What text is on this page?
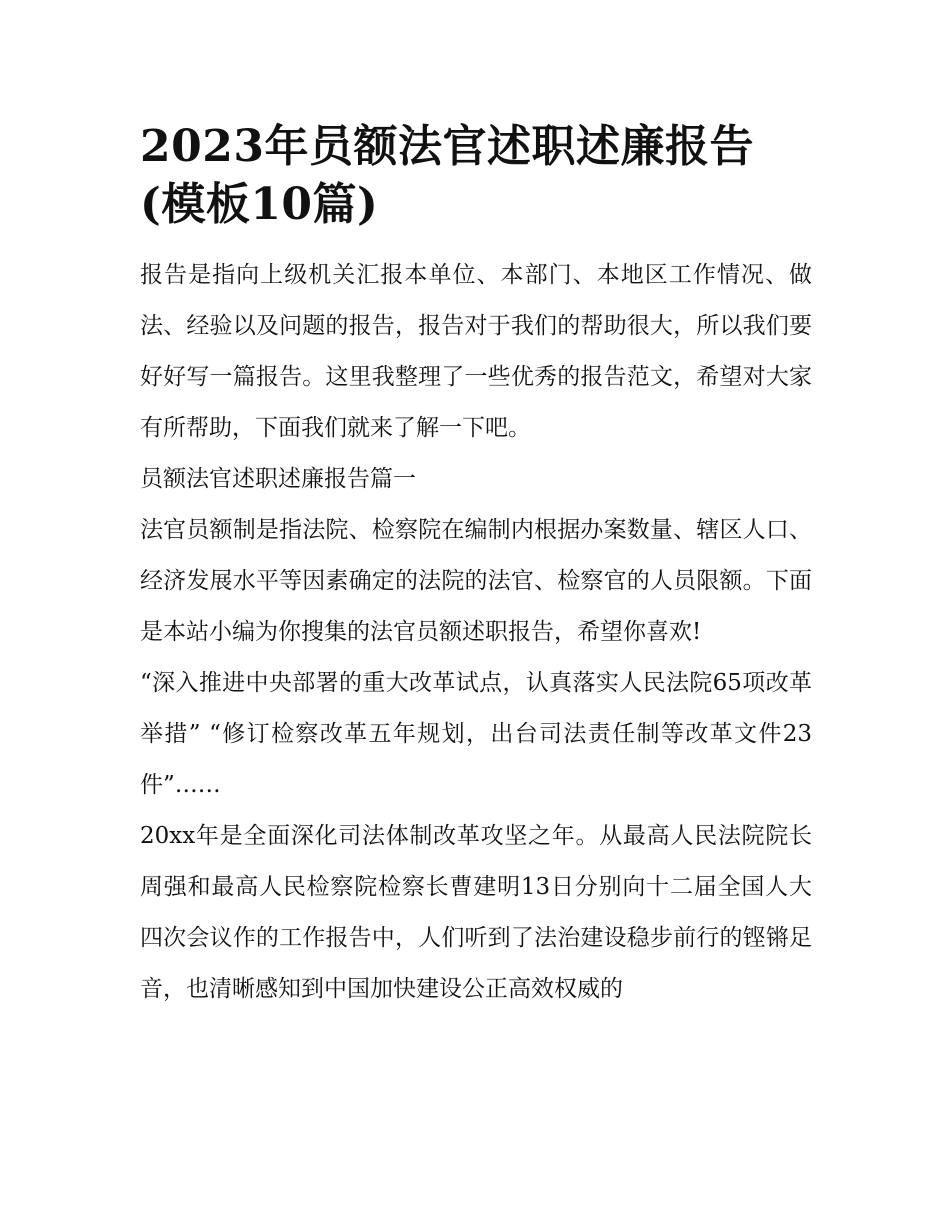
2023年员额法官述职述廉报告(模板10篇)

报告是指向上级机关汇报本单位、本部门、本地区工作情况、做法、经验以及问题的报告，报告对于我们的帮助很大，所以我们要好好写一篇报告。这里我整理了一些优秀的报告范文，希望对大家有所帮助，下面我们就来了解一下吧。

员额法官述职述廉报告篇一

法官员额制是指法院、检察院在编制内根据办案数量、辖区人口、经济发展水平等因素确定的法院的法官、检察官的人员限额。下面是本站小编为你搜集的法官员额述职报告，希望你喜欢!

“深入推进中央部署的重大改革试点，认真落实人民法院65项改革举措” “修订检察改革五年规划，出台司法责任制等改革文件23件”……

20xx年是全面深化司法体制改革攻坚之年。从最高人民法院院长周强和最高人民检察院检察长曹建明13日分别向十二届全国人大四次会议作的工作报告中，人们听到了法治建设稳步前行的铿锵足音，也清晰感知到中国加快建设公正高效权威的
